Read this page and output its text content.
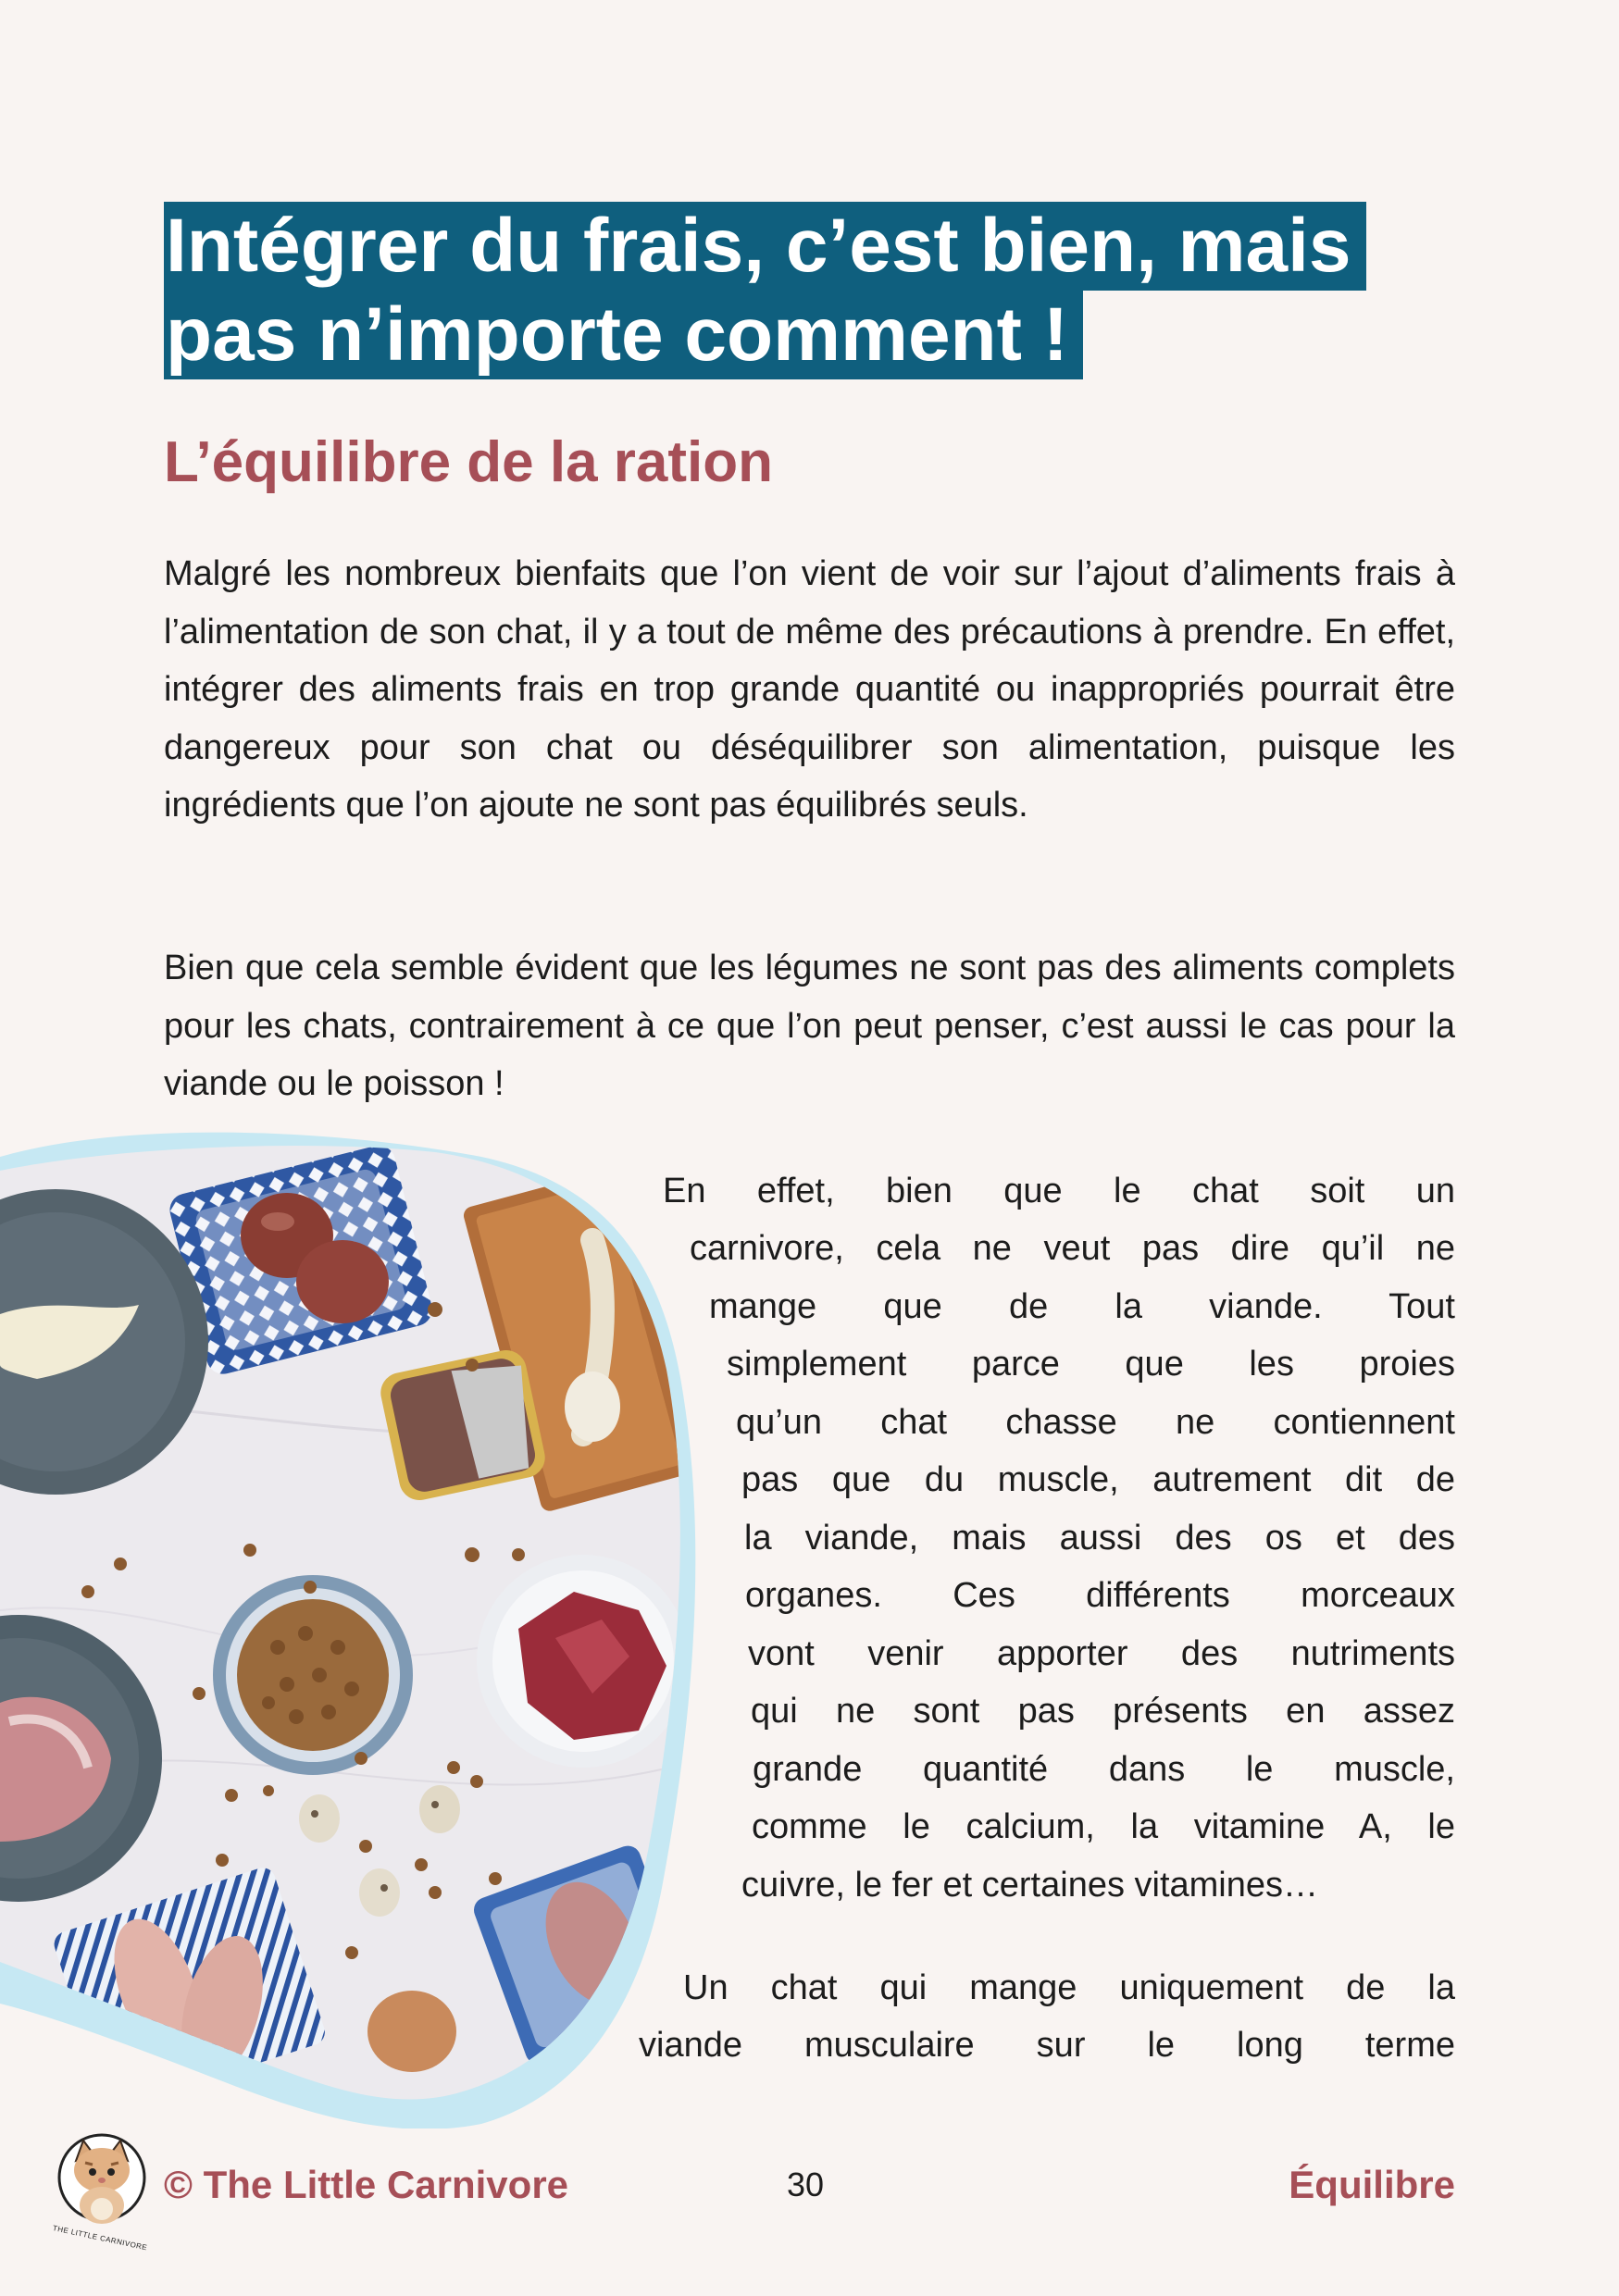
Intégrer du frais, c’est bien, mais
pas n’importe comment !
L’équilibre de la ration

Malgré les nombreux bienfaits que l’on vient de voir sur l’ajout d’aliments frais à l’alimentation de son chat, il y a tout de même des précautions à prendre. En effet, intégrer des aliments frais en trop grande quantité ou inappropriés pourrait être dangereux pour son chat ou déséquilibrer son alimentation, puisque les ingrédients que l’on ajoute ne sont pas équilibrés seuls.

Bien que cela semble évident que les légumes ne sont pas des aliments complets pour les chats, contrairement à ce que l’on peut penser, c’est aussi le cas pour la viande ou le poisson !

En effet, bien que le chat soit un

carnivore, cela ne veut pas dire qu’il ne

mange que de la viande. Tout

simplement parce que les proies

qu’un chat chasse ne contiennent

pas que du muscle, autrement dit de

la viande, mais aussi des os et des

organes. Ces différents morceaux

vont venir apporter des nutriments

qui ne sont pas présents en assez

grande quantité dans le muscle,

comme le calcium, la vitamine A, le

cuivre, le fer et certaines vitamines…

Un chat qui mange uniquement de la

viande musculaire sur le long terme

THE LITTLE CARNIVORE

© The Little Carnivore	30	Équilibre
